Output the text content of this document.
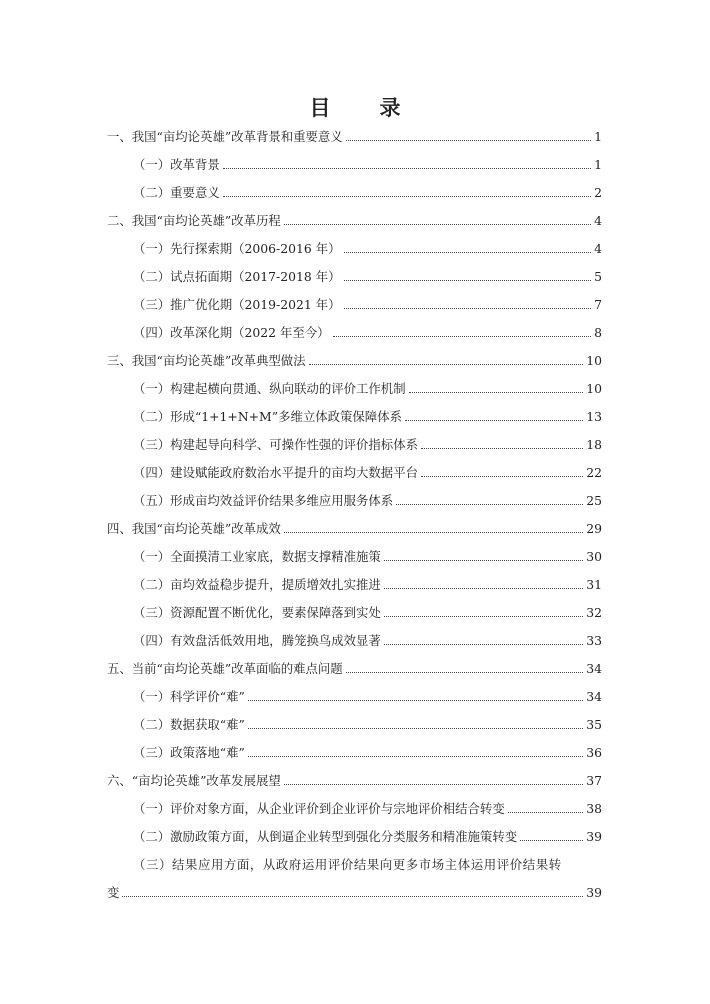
目　录
一、我国“亩均论英雄”改革背景和重要意义	1
（一）改革背景	1
（二）重要意义	2
二、我国“亩均论英雄”改革历程	4
（一）先行探索期（2006-2016 年）	4
（二）试点拓面期（2017-2018 年）	5
（三）推广优化期（2019-2021 年）	7
（四）改革深化期（2022 年至今）	8
三、我国“亩均论英雄”改革典型做法	10
（一）构建起横向贯通、纵向联动的评价工作机制	10
（二）形成“1+1+N+M”多维立体政策保障体系	13
（三）构建起导向科学、可操作性强的评价指标体系	18
（四）建设赋能政府数治水平提升的亩均大数据平台	22
（五）形成亩均效益评价结果多维应用服务体系	25
四、我国“亩均论英雄”改革成效	29
（一）全面摸清工业家底，数据支撑精准施策	30
（二）亩均效益稳步提升，提质增效扎实推进	31
（三）资源配置不断优化，要素保障落到实处	32
（四）有效盘活低效用地，腾笼换鸟成效显著	33
五、当前“亩均论英雄”改革面临的难点问题	34
（一）科学评价“难”	34
（二）数据获取“难”	35
（三）政策落地“难”	36
六、“亩均论英雄”改革发展展望	37
（一）评价对象方面，从企业评价到企业评价与宗地评价相结合转变	38
（二）激励政策方面，从倒逼企业转型到强化分类服务和精准施策转变	39
（三）结果应用方面，从政府运用评价结果向更多市场主体运用评价结果转
变	39
